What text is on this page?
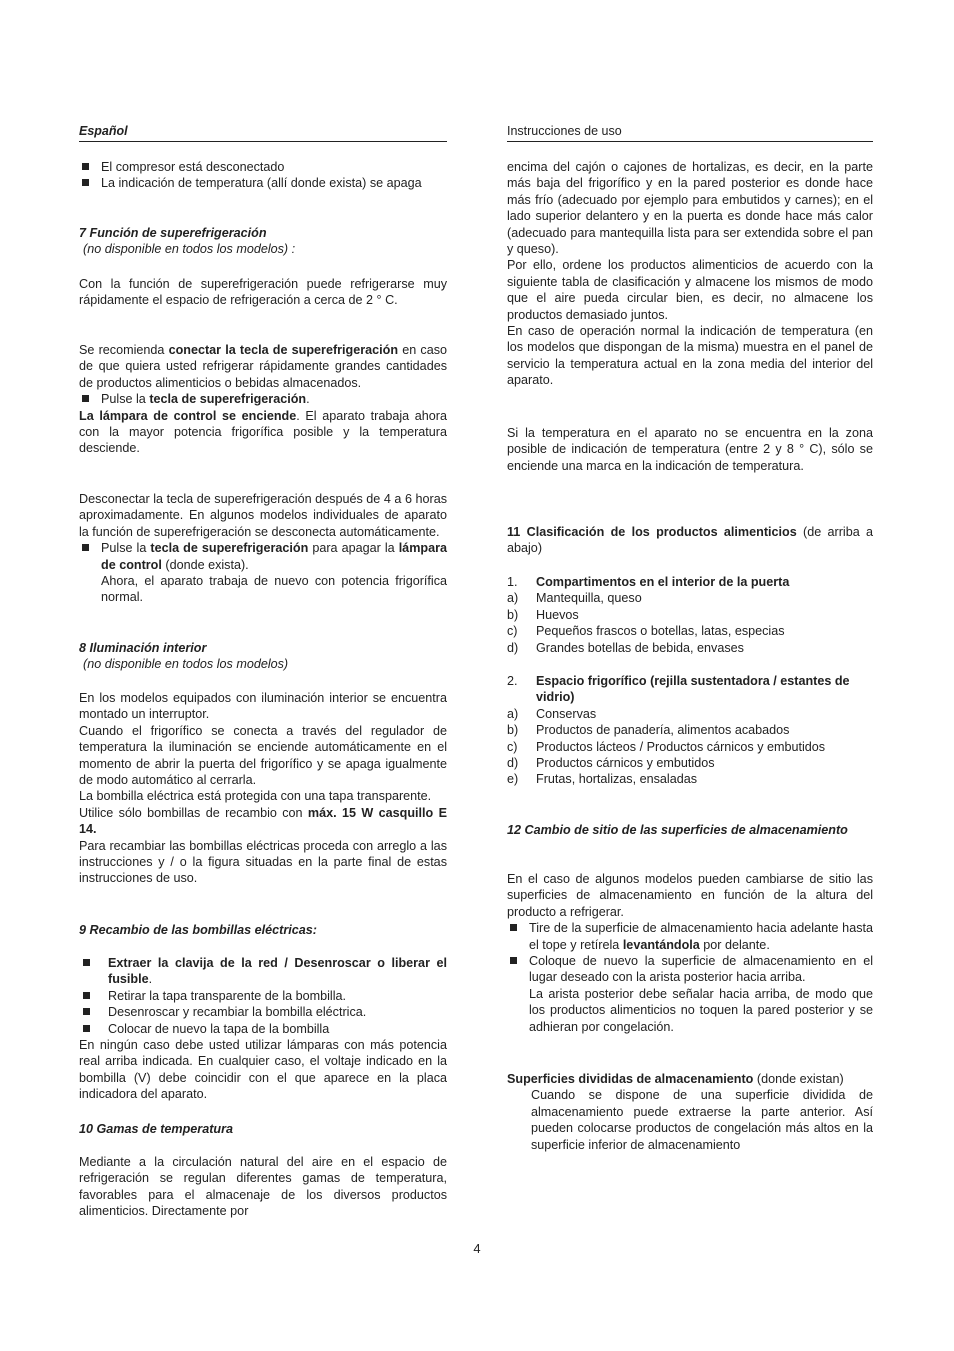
Español	Instrucciones de uso
El compresor está desconectado
La indicación de temperatura (allí donde exista) se apaga

7 Función de superefrigeración

(no disponible en todos los modelos) :

Con la función de superefrigeración puede refrigerarse muy rápidamente el espacio de refrigeración a cerca de 2 ° C.

Se recomienda conectar la tecla de superefrigeración en caso de que quiera usted refrigerar rápidamente grandes cantidades de productos alimenticios o bebidas almacenados.

Pulse la tecla de superefrigeración.

La lámpara de control se enciende. El aparato trabaja ahora con la mayor potencia frigorífica posible y la temperatura desciende.

Desconectar la tecla de superefrigeración después de 4 a 6 horas aproximadamente. En algunos modelos individuales de aparato la función de superefrigeración se desconecta automáticamente.

Pulse la tecla de superefrigeración para apagar la lámpara de control (donde exista).

Ahora, el aparato trabaja de nuevo con potencia frigorífica normal.

8 Iluminación interior

(no disponible en todos los modelos)

En los modelos equipados con iluminación interior se encuentra montado un interruptor.

Cuando el frigorífico se conecta a través del regulador de temperatura la iluminación se enciende automáticamente en el momento de abrir la puerta del frigorífico y se apaga igualmente de modo automático al cerrarla.

La bombilla eléctrica está protegida con una tapa transparente.

Utilice sólo bombillas de recambio con máx. 15 W casquillo E 14.

Para recambiar las bombillas eléctricas proceda con arreglo a las instrucciones y / o la figura situadas en la parte final de estas instrucciones de uso.

9 Recambio de las bombillas eléctricas:

Extraer la clavija de la red / Desenroscar o liberar el fusible.
Retirar la tapa transparente de la bombilla.
Desenroscar y recambiar la bombilla eléctrica.
Colocar de nuevo la tapa de la bombilla

En ningún caso debe usted utilizar lámparas con más potencia real arriba indicada. En cualquier caso, el voltaje indicado en la bombilla (V) debe coincidir con el que aparece en la placa indicadora del aparato.

10 Gamas de temperatura

Mediante a la circulación natural del aire en el espacio de refrigeración se regulan diferentes gamas de temperatura, favorables para el almacenaje de los diversos productos alimenticios. Directamente por

encima del cajón o cajones de hortalizas, es decir, en la parte más baja del frigorífico y en la pared posterior es donde hace más frío (adecuado por ejemplo para embutidos y carnes); en el lado superior delantero y en la puerta es donde hace más calor (adecuado para mantequilla lista para ser extendida sobre el pan y queso).

Por ello, ordene los productos alimenticios de acuerdo con la siguiente tabla de clasificación y almacene los mismos de modo que el aire pueda circular bien, es decir, no almacene los productos demasiado juntos.

En caso de operación normal la indicación de temperatura (en los modelos que dispongan de la misma) muestra en el panel de servicio la temperatura actual en la zona media del interior del aparato.

Si la temperatura en el aparato no se encuentra en la zona posible de indicación de temperatura (entre 2 y 8 ° C), sólo se enciende una marca en la indicación de temperatura.

11 Clasificación de los productos alimenticios (de arriba a abajo)

1. Compartimentos en el interior de la puerta
a) Mantequilla, queso
b) Huevos
c) Pequeños frascos o botellas, latas, especias
d) Grandes botellas de bebida, envases
2. Espacio frigorífico (rejilla sustentadora / estantes de vidrio)
a) Conservas
b) Productos de panadería, alimentos acabados
c) Productos lácteos / Productos cárnicos y embutidos
d) Productos cárnicos y embutidos
e) Frutas, hortalizas, ensaladas

12 Cambio de sitio de las superficies de almacenamiento

En el caso de algunos modelos pueden cambiarse de sitio las superficies de almacenamiento en función de la altura del producto a refrigerar.

Tire de la superficie de almacenamiento hacia adelante hasta el tope y retírela levantándola por delante.
Coloque de nuevo la superficie de almacenamiento en el lugar deseado con la arista posterior hacia arriba.

La arista posterior debe señalar hacia arriba, de modo que los productos alimenticios no toquen la pared posterior y se adhieran por congelación.

Superficies divididas de almacenamiento (donde existan)

Cuando se dispone de una superficie dividida de almacenamiento puede extraerse la parte anterior. Así pueden colocarse productos de congelación más altos en la superficie inferior de almacenamiento

4
